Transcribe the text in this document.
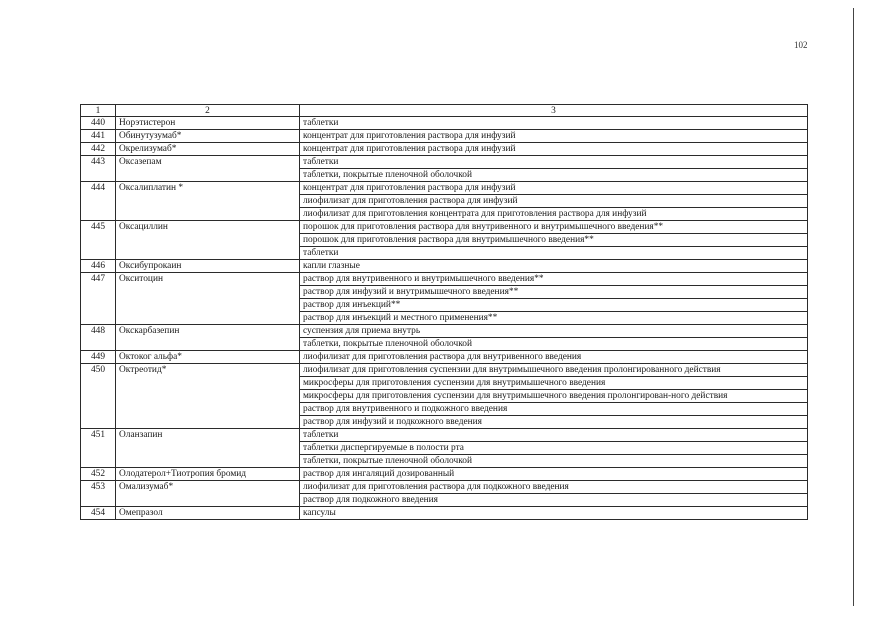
102
1	2	3
440	Норэтистерон	таблетки
441	Обинутузумаб*	концентрат для приготовления раствора для инфузий
442	Окрелизумаб*	концентрат для приготовления раствора для инфузий
443	Оксазепам	таблетки
		таблетки, покрытые пленочной оболочкой
444	Оксалиплатин *	концентрат для приготовления раствора для инфузий
		лиофилизат для приготовления раствора для инфузий
		лиофилизат для приготовления концентрата для приготовления раствора для инфузий
445	Оксациллин	порошок для приготовления раствора для внутривенного и внутримышечного введения**
		порошок для приготовления раствора для внутримышечного введения**
		таблетки
446	Оксибупрокаин	капли глазные
447	Окситоцин	раствор для внутривенного и внутримышечного введения**
		раствор для инфузий и внутримышечного введения**
		раствор для инъекций**
		раствор для инъекций и местного применения**
448	Окскарбазепин	суспензия для приема внутрь
		таблетки, покрытые пленочной оболочкой
449	Октоког альфа*	лиофилизат для приготовления раствора для внутривенного введения
450	Октреотид*	лиофилизат для приготовления суспензии для внутримышечного введения пролонгированного действия
		микросферы для приготовления суспензии для внутримышечного введения
		микросферы для приготовления суспензии для внутримышечного введения пролонгирован-ного действия
		раствор для внутривенного и подкожного введения
		раствор для инфузий и подкожного введения
451	Оланзапин	таблетки
		таблетки диспергируемые в полости рта
		таблетки, покрытые пленочной оболочкой
452	Олодатерол+Тиотропия бромид	раствор для ингаляций дозированный
453	Омализумаб*	лиофилизат для приготовления раствора для подкожного введения
		раствор для подкожного введения
454	Омепразол	капсулы
